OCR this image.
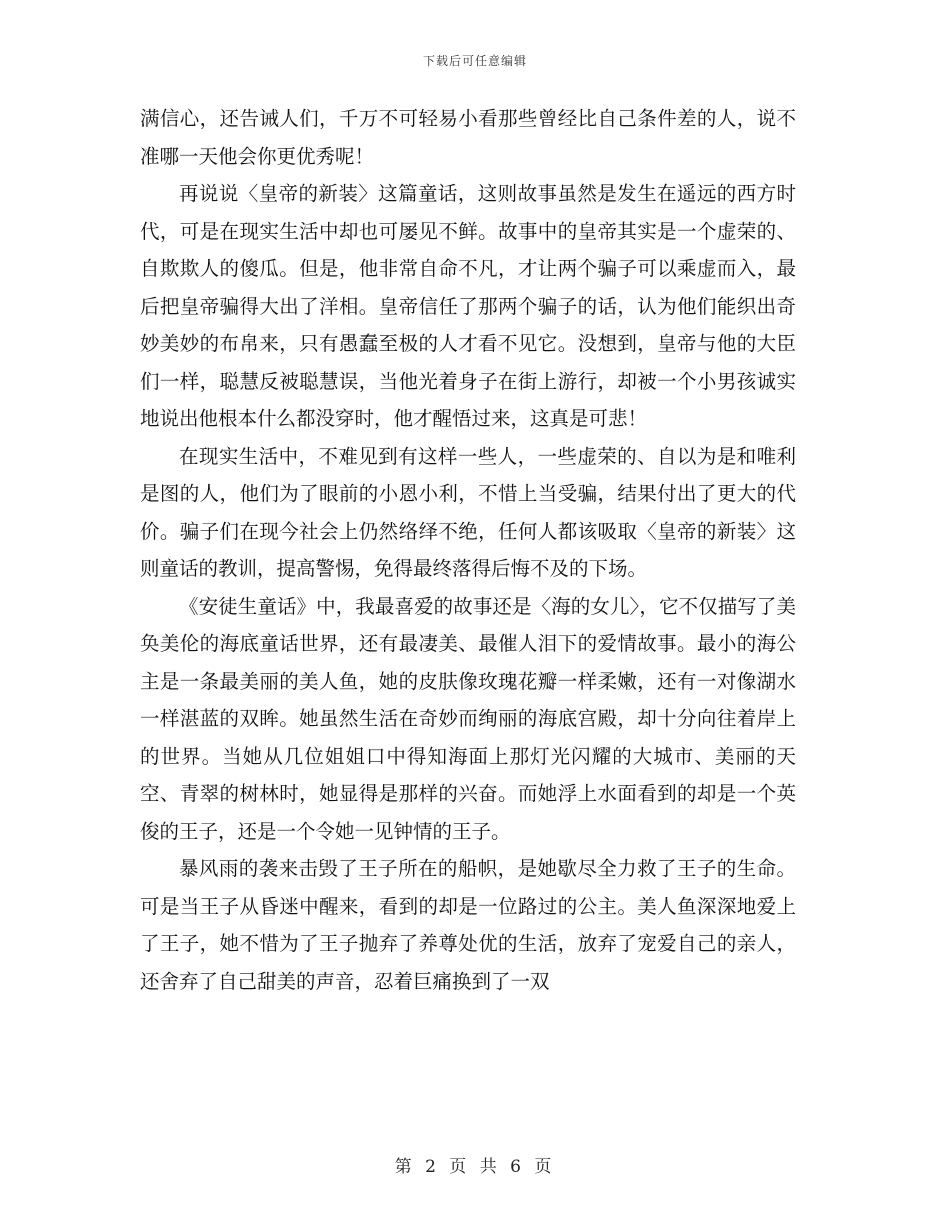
下载后可任意编辑

满信心，还告诫人们，千万不可轻易小看那些曾经比自己条件差的人，说不准哪一天他会你更优秀呢！

再说说〈皇帝的新装〉这篇童话，这则故事虽然是发生在遥远的西方时代，可是在现实生活中却也可屡见不鲜。故事中的皇帝其实是一个虚荣的、自欺欺人的傻瓜。但是，他非常自命不凡，才让两个骗子可以乘虚而入，最后把皇帝骗得大出了洋相。皇帝信任了那两个骗子的话，认为他们能织出奇妙美妙的布帛来，只有愚蠢至极的人才看不见它。没想到，皇帝与他的大臣们一样，聪慧反被聪慧误，当他光着身子在街上游行，却被一个小男孩诚实地说出他根本什么都没穿时，他才醒悟过来，这真是可悲！

在现实生活中，不难见到有这样一些人，一些虚荣的、自以为是和唯利是图的人，他们为了眼前的小恩小利，不惜上当受骗，结果付出了更大的代价。骗子们在现今社会上仍然络绎不绝，任何人都该吸取〈皇帝的新装〉这则童话的教训，提高警惕，免得最终落得后悔不及的下场。

《安徒生童话》中，我最喜爱的故事还是〈海的女儿〉，它不仅描写了美奂美伦的海底童话世界，还有最凄美、最催人泪下的爱情故事。最小的海公主是一条最美丽的美人鱼，她的皮肤像玫瑰花瓣一样柔嫩，还有一对像湖水一样湛蓝的双眸。她虽然生活在奇妙而绚丽的海底宫殿，却十分向往着岸上的世界。当她从几位姐姐口中得知海面上那灯光闪耀的大城市、美丽的天空、青翠的树林时，她显得是那样的兴奋。而她浮上水面看到的却是一个英俊的王子，还是一个令她一见钟情的王子。

暴风雨的袭来击毁了王子所在的船帜，是她歇尽全力救了王子的生命。可是当王子从昏迷中醒来，看到的却是一位路过的公主。美人鱼深深地爱上了王子，她不惜为了王子抛弃了养尊处优的生活，放弃了宠爱自己的亲人，还舍弃了自己甜美的声音，忍着巨痛换到了一双

第 2 页 共 6 页
